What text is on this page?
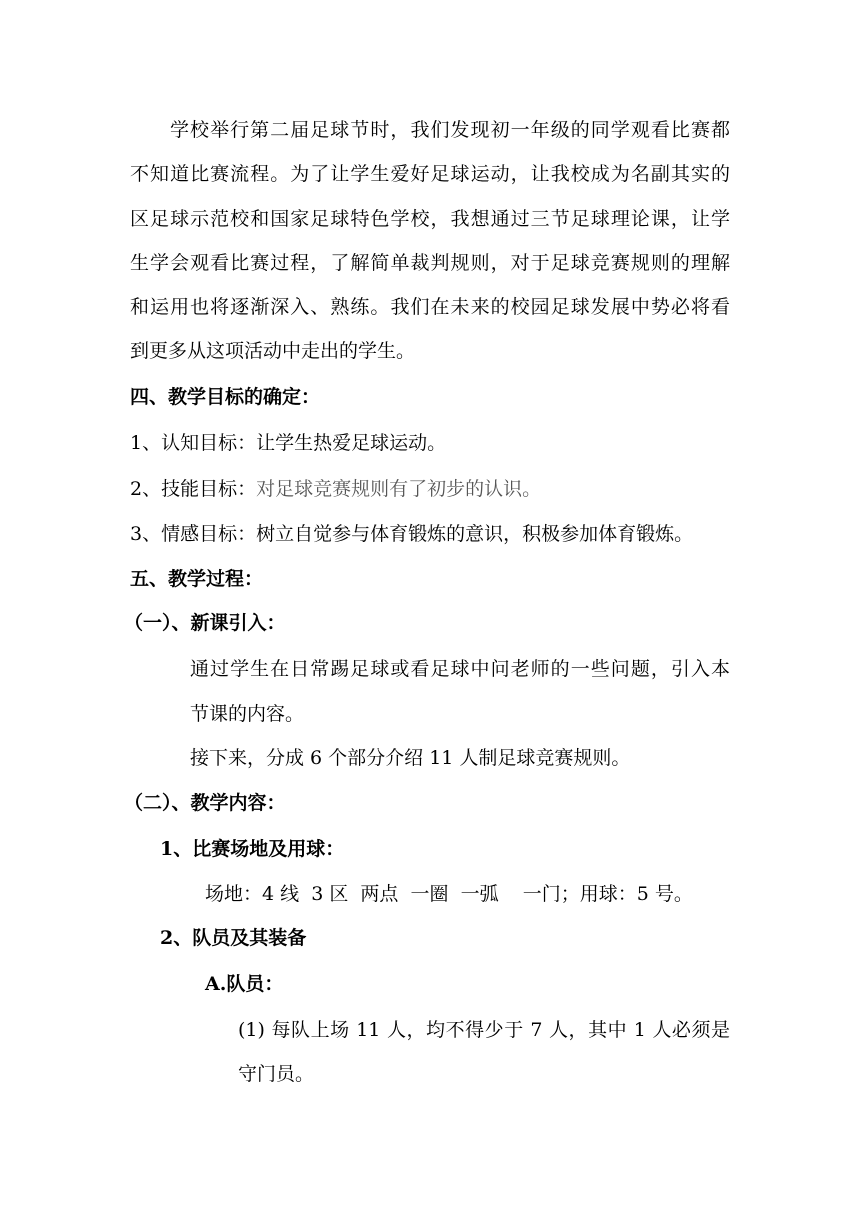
学校举行第二届足球节时，我们发现初一年级的同学观看比赛都
不知道比赛流程。为了让学生爱好足球运动，让我校成为名副其实的
区足球示范校和国家足球特色学校，我想通过三节足球理论课，让学
生学会观看比赛过程，了解简单裁判规则，对于足球竞赛规则的理解
和运用也将逐渐深入、熟练。我们在未来的校园足球发展中势必将看
到更多从这项活动中走出的学生。
四、教学目标的确定：
1、认知目标：让学生热爱足球运动。
2、技能目标：对足球竞赛规则有了初步的认识。
3、情感目标：树立自觉参与体育锻炼的意识，积极参加体育锻炼。
五、教学过程：
（一）、新课引入：
通过学生在日常踢足球或看足球中问老师的一些问题，引入本
节课的内容。
接下来，分成 6 个部分介绍 11 人制足球竞赛规则。
（二）、教学内容：
1、比赛场地及用球：
场地：4 线  3 区  两点  一圈  一弧    一门；用球：5 号。
2、队员及其装备
A.队员：
(1) 每队上场 11 人，均不得少于 7 人，其中 1 人必须是
守门员。
